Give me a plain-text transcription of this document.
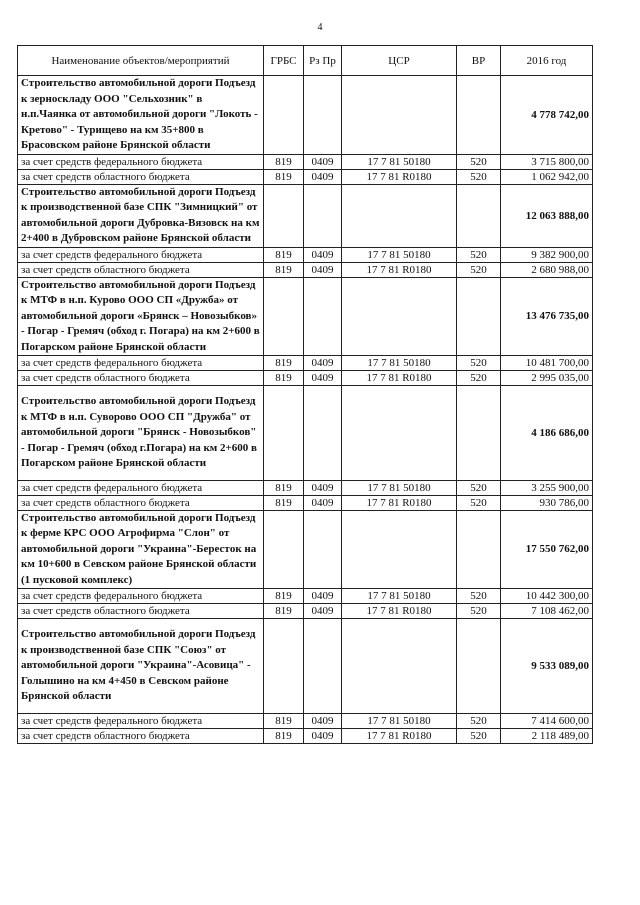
4
Наименование объектов/мероприятий	ГРБС	Рз Пр	ЦСР	ВР	2016 год
Строительство автомобильной дороги Подъезд к зерноскладу ООО "Сельхозник" в н.п.Чаянка от автомобильной дороги "Локоть - Кретово" - Турищево на км 35+800 в Брасовском районе Брянской области					4 778 742,00
за счет средств федерального бюджета	819	0409	17 7 81 50180	520	3 715 800,00
за счет средств областного бюджета	819	0409	17 7 81 R0180	520	1 062 942,00
Строительство автомобильной дороги Подъезд к производственной базе СПК "Зимницкий" от автомобильной дороги Дубровка-Вязовск на км 2+400 в Дубровском районе Брянской области					12 063 888,00
за счет средств федерального бюджета	819	0409	17 7 81 50180	520	9 382 900,00
за счет средств областного бюджета	819	0409	17 7 81 R0180	520	2 680 988,00
Строительство автомобильной дороги Подъезд к МТФ в н.п. Куровo ООО СП «Дружба» от автомобильной дороги «Брянск – Новозыбков» - Погар - Гремяч (обход г. Погара) на км 2+600 в Погарском районе Брянской области					13 476 735,00
за счет средств федерального бюджета	819	0409	17 7 81 50180	520	10 481 700,00
за счет средств областного бюджета	819	0409	17 7 81 R0180	520	2 995 035,00
Строительство автомобильной дороги Подъезд к МТФ в н.п. Суворово ООО СП "Дружба" от автомобильной дороги "Брянск - Новозыбков" - Погар - Гремяч (обход г.Погара) на км 2+600 в Погарском районе Брянской области					4 186 686,00
за счет средств федерального бюджета	819	0409	17 7 81 50180	520	3 255 900,00
за счет средств областного бюджета	819	0409	17 7 81 R0180	520	930 786,00
Строительство автомобильной дороги Подъезд к ферме КРС ООО Агрофирма "Слон" от автомобильной дороги "Украина"-Берестoк на км 10+600 в Севском районе Брянской области (1 пусковой комплекс)					17 550 762,00
за счет средств федерального бюджета	819	0409	17 7 81 50180	520	10 442 300,00
за счет средств областного бюджета	819	0409	17 7 81 R0180	520	7 108 462,00
Строительство автомобильной дороги Подъезд к производственной базе СПК "Союз" от автомобильной дороги "Украина"-Асовица" - Голышино на км 4+450 в Севском районе Брянской области					9 533 089,00
за счет средств федерального бюджета	819	0409	17 7 81 50180	520	7 414 600,00
за счет средств областного бюджета	819	0409	17 7 81 R0180	520	2 118 489,00
